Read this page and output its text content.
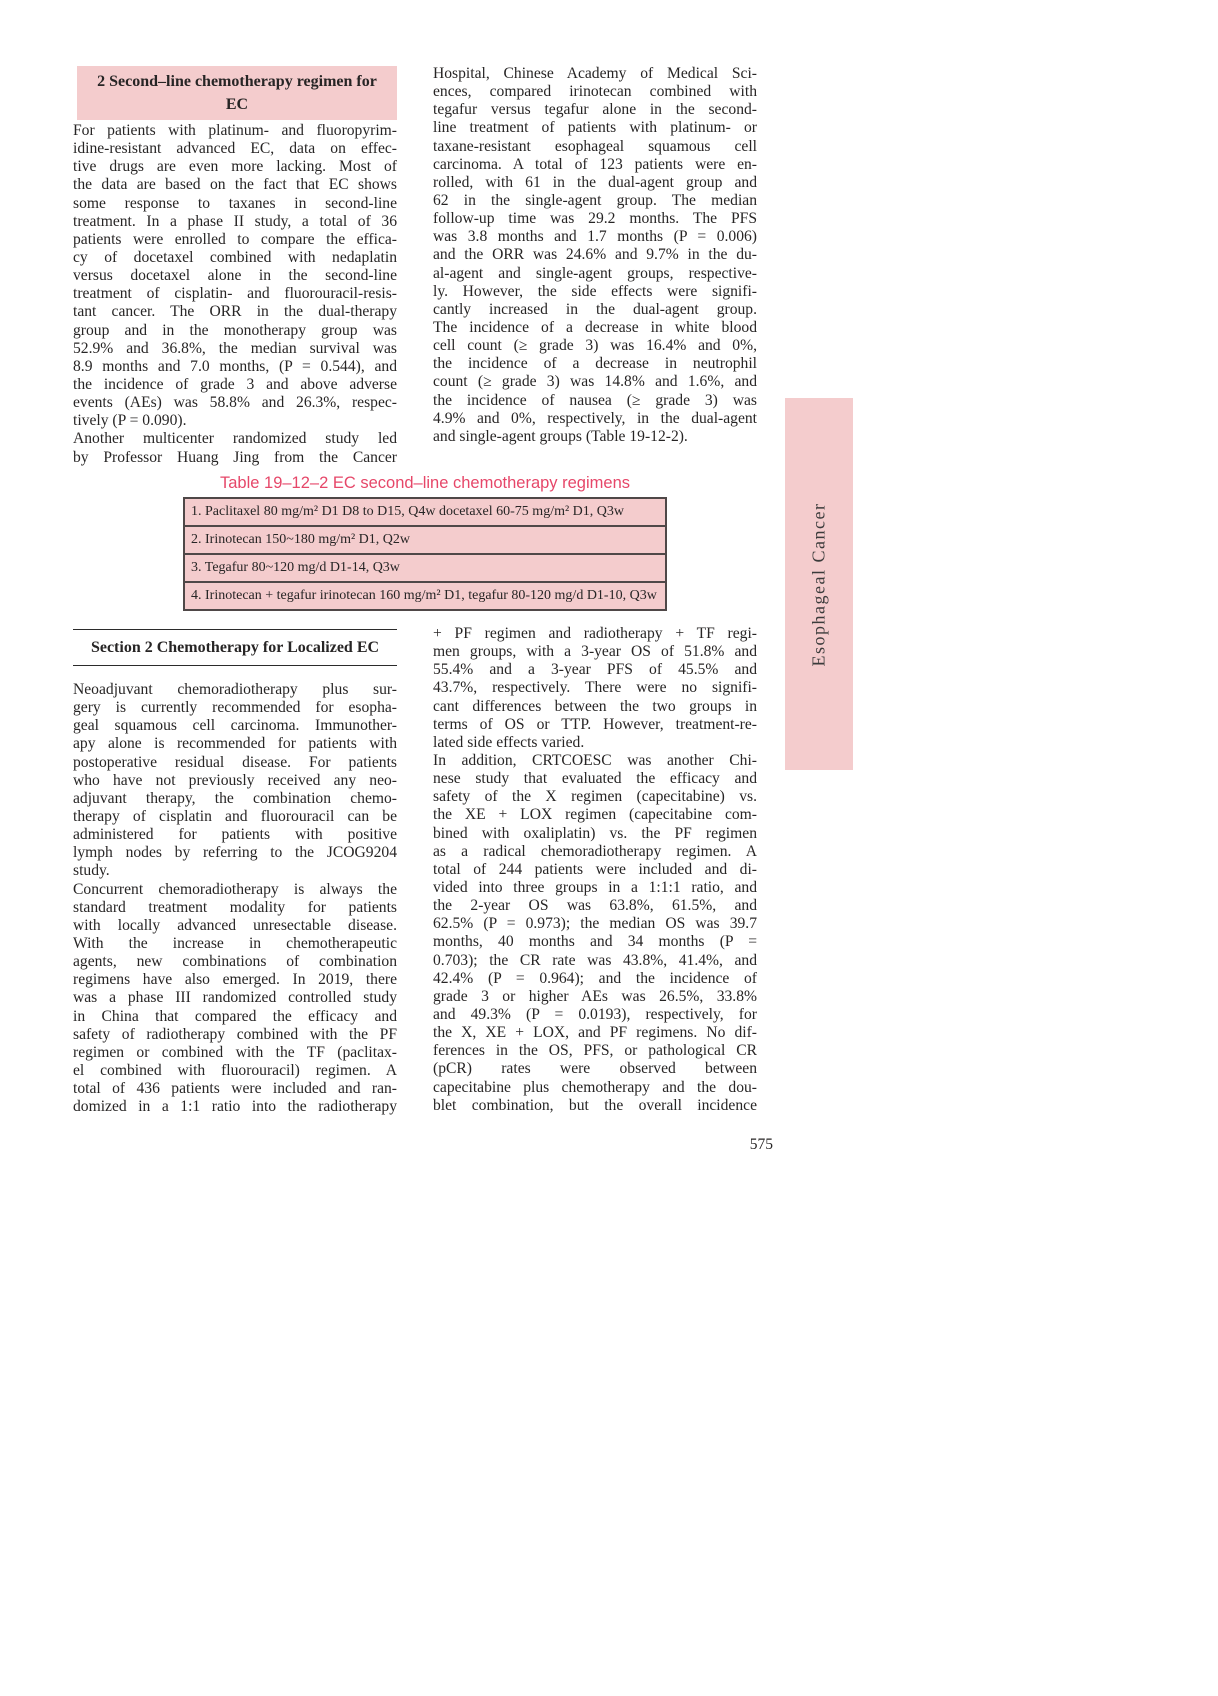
2 Second–line chemotherapy regimen for
EC
For patients with platinum- and fluoropyrim-
idine-resistant advanced EC, data on effec-
tive drugs are even more lacking. Most of
the data are based on the fact that EC shows
some response to taxanes in second-line
treatment. In a phase II study, a total of 36
patients were enrolled to compare the effica-
cy of docetaxel combined with nedaplatin
versus docetaxel alone in the second-line
treatment of cisplatin- and fluorouracil-resis-
tant cancer. The ORR in the dual-therapy
group and in the monotherapy group was
52.9% and 36.8%, the median survival was
8.9 months and 7.0 months, (P = 0.544), and
the incidence of grade 3 and above adverse
events (AEs) was 58.8% and 26.3%, respec-
tively (P = 0.090).
Another multicenter randomized study led
by Professor Huang Jing from the Cancer
Hospital, Chinese Academy of Medical Sci-
ences, compared irinotecan combined with
tegafur versus tegafur alone in the second-
line treatment of patients with platinum- or
taxane-resistant esophageal squamous cell
carcinoma. A total of 123 patients were en-
rolled, with 61 in the dual-agent group and
62 in the single-agent group. The median
follow-up time was 29.2 months. The PFS
was 3.8 months and 1.7 months (P = 0.006)
and the ORR was 24.6% and 9.7% in the du-
al-agent and single-agent groups, respective-
ly. However, the side effects were signifi-
cantly increased in the dual-agent group.
The incidence of a decrease in white blood
cell count (≥ grade 3) was 16.4% and 0%,
the incidence of a decrease in neutrophil
count (≥ grade 3) was 14.8% and 1.6%, and
the incidence of nausea (≥ grade 3) was
4.9% and 0%, respectively, in the dual-agent
and single-agent groups (Table 19-12-2).
Table 19–12–2 EC second–line chemotherapy regimens
1. Paclitaxel 80 mg/m² D1 D8 to D15, Q4w docetaxel 60-75 mg/m² D1, Q3w
2. Irinotecan 150~180 mg/m² D1, Q2w
3. Tegafur 80~120 mg/d D1-14, Q3w
4. Irinotecan + tegafur irinotecan 160 mg/m² D1, tegafur 80-120 mg/d D1-10, Q3w
Section 2 Chemotherapy for Localized EC
Neoadjuvant chemoradiotherapy plus sur-
gery is currently recommended for esopha-
geal squamous cell carcinoma. Immunother-
apy alone is recommended for patients with
postoperative residual disease. For patients
who have not previously received any neo-
adjuvant therapy, the combination chemo-
therapy of cisplatin and fluorouracil can be
administered for patients with positive
lymph nodes by referring to the JCOG9204
study.
Concurrent chemoradiotherapy is always the
standard treatment modality for patients
with locally advanced unresectable disease.
With the increase in chemotherapeutic
agents, new combinations of combination
regimens have also emerged. In 2019, there
was a phase III randomized controlled study
in China that compared the efficacy and
safety of radiotherapy combined with the PF
regimen or combined with the TF (paclitax-
el combined with fluorouracil) regimen. A
total of 436 patients were included and ran-
domized in a 1:1 ratio into the radiotherapy
+ PF regimen and radiotherapy + TF regi-
men groups, with a 3-year OS of 51.8% and
55.4% and a 3-year PFS of 45.5% and
43.7%, respectively. There were no signifi-
cant differences between the two groups in
terms of OS or TTP. However, treatment-re-
lated side effects varied.
In addition, CRTCOESC was another Chi-
nese study that evaluated the efficacy and
safety of the X regimen (capecitabine) vs.
the XE + LOX regimen (capecitabine com-
bined with oxaliplatin) vs. the PF regimen
as a radical chemoradiotherapy regimen. A
total of 244 patients were included and di-
vided into three groups in a 1:1:1 ratio, and
the 2-year OS was 63.8%, 61.5%, and
62.5% (P = 0.973); the median OS was 39.7
months, 40 months and 34 months (P =
0.703); the CR rate was 43.8%, 41.4%, and
42.4% (P = 0.964); and the incidence of
grade 3 or higher AEs was 26.5%, 33.8%
and 49.3% (P = 0.0193), respectively, for
the X, XE + LOX, and PF regimens. No dif-
ferences in the OS, PFS, or pathological CR
(pCR) rates were observed between
capecitabine plus chemotherapy and the dou-
blet combination, but the overall incidence
Esophageal Cancer
575
